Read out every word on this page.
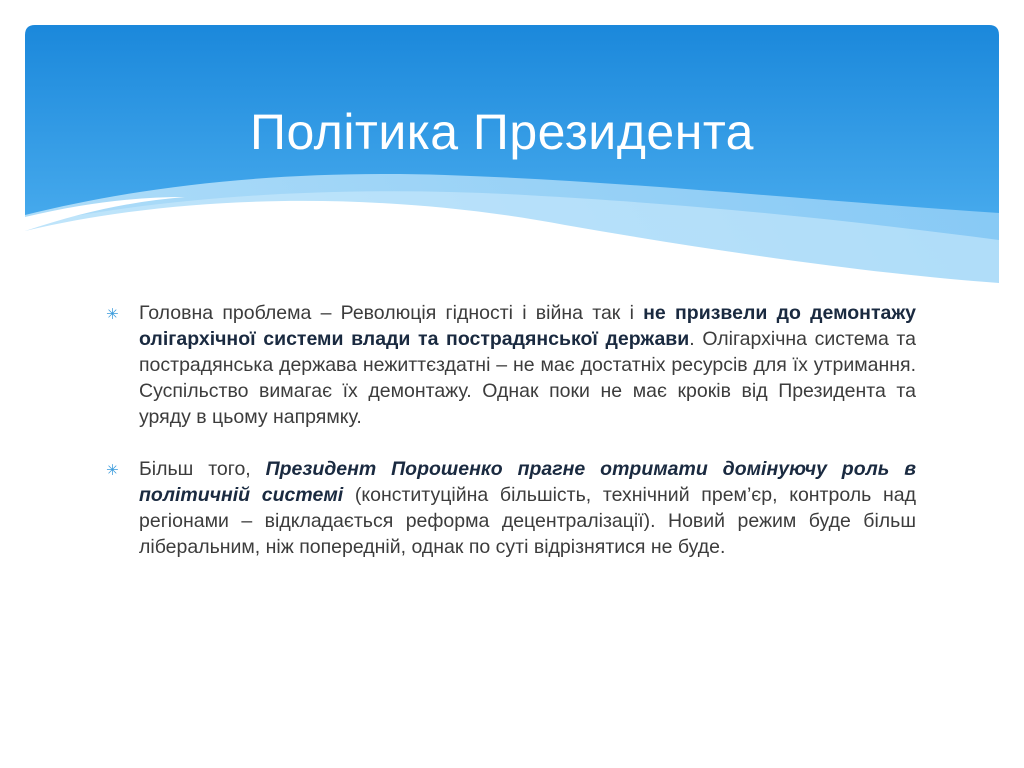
Політика Президента
✳ Головна проблема – Революція гідності і війна так і не призвели до демонтажу олігархічної системи влади та пострадянської держави. Олігархічна система та пострадянська держава нежиттєздатні – не має достатніх ресурсів для їх утримання. Суспільство вимагає їх демонтажу. Однак поки не має кроків від Президента та уряду в цьому напрямку.
✳ Більш того, Президент Порошенко прагне отримати домінуючу роль в політичній системі (конституційна більшість, технічний прем’єр, контроль над регіонами – відкладається реформа децентралізації). Новий режим буде більш ліберальним, ніж попередній, однак по суті відрізнятися не буде.
